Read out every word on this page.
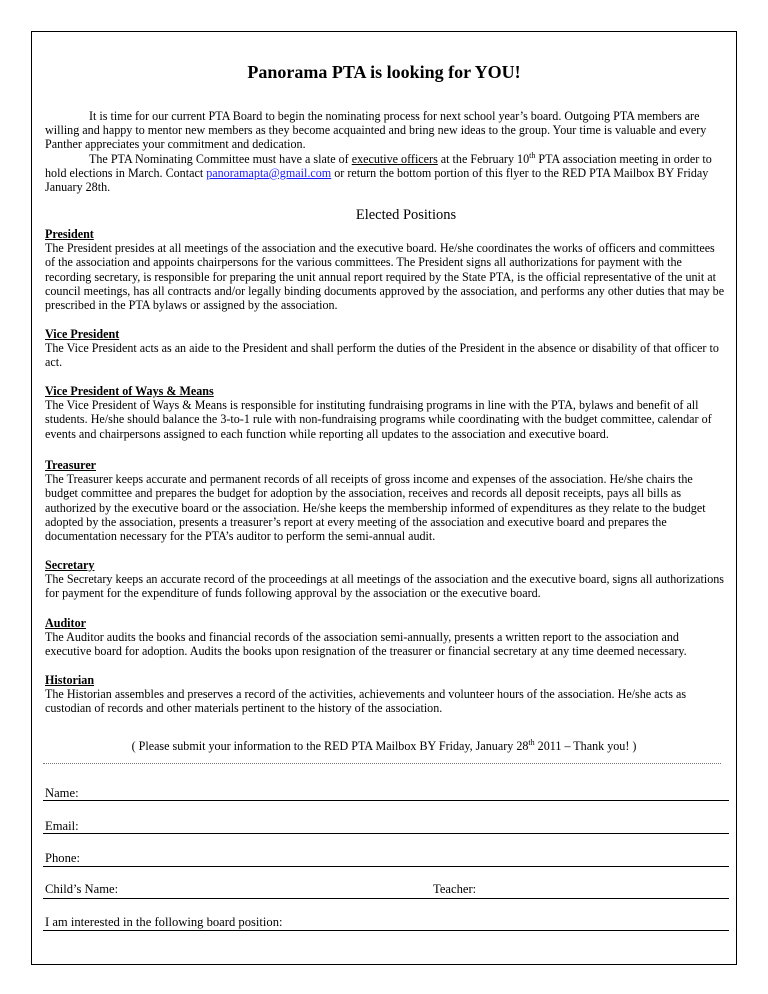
Panorama PTA is looking for YOU!

It is time for our current PTA Board to begin the nominating process for next school year’s board. Outgoing PTA members are willing and happy to mentor new members as they become acquainted and bring new ideas to the group. Your time is valuable and every Panther appreciates your commitment and dedication.

The PTA Nominating Committee must have a slate of executive officers at the February 10th PTA association meeting in order to hold elections in March. Contact panoramapta@gmail.com or return the bottom portion of this flyer to the RED PTA Mailbox BY Friday January 28th.

Elected Positions

President

The President presides at all meetings of the association and the executive board. He/she coordinates the works of officers and committees of the association and appoints chairpersons for the various committees. The President signs all authorizations for payment with the recording secretary, is responsible for preparing the unit annual report required by the State PTA, is the official representative of the unit at council meetings, has all contracts and/or legally binding documents approved by the association, and performs any other duties that may be prescribed in the PTA bylaws or assigned by the association.

Vice President

The Vice President acts as an aide to the President and shall perform the duties of the President in the absence or disability of that officer to act.

Vice President of Ways & Means

The Vice President of Ways & Means is responsible for instituting fundraising programs in line with the PTA, bylaws and benefit of all students. He/she should balance the 3-to-1 rule with non-fundraising programs while coordinating with the budget committee, calendar of events and chairpersons assigned to each function while reporting all updates to the association and executive board.

Treasurer

The Treasurer keeps accurate and permanent records of all receipts of gross income and expenses of the association. He/she chairs the budget committee and prepares the budget for adoption by the association, receives and records all deposit receipts, pays all bills as authorized by the executive board or the association. He/she keeps the membership informed of expenditures as they relate to the budget adopted by the association, presents a treasurer’s report at every meeting of the association and executive board and prepares the documentation necessary for the PTA’s auditor to perform the semi-annual audit.

Secretary

The Secretary keeps an accurate record of the proceedings at all meetings of the association and the executive board, signs all authorizations for payment for the expenditure of funds following approval by the association or the executive board.

Auditor

The Auditor audits the books and financial records of the association semi-annually, presents a written report to the association and executive board for adoption. Audits the books upon resignation of the treasurer or financial secretary at any time deemed necessary.

Historian

The Historian assembles and preserves a record of the activities, achievements and volunteer hours of the association. He/she acts as custodian of records and other materials pertinent to the history of the association.

( Please submit your information to the RED PTA Mailbox BY Friday, January 28th 2011 – Thank you! )
Name:
Email:
Phone:
Child’s Name:	Teacher:
I am interested in the following board position:
